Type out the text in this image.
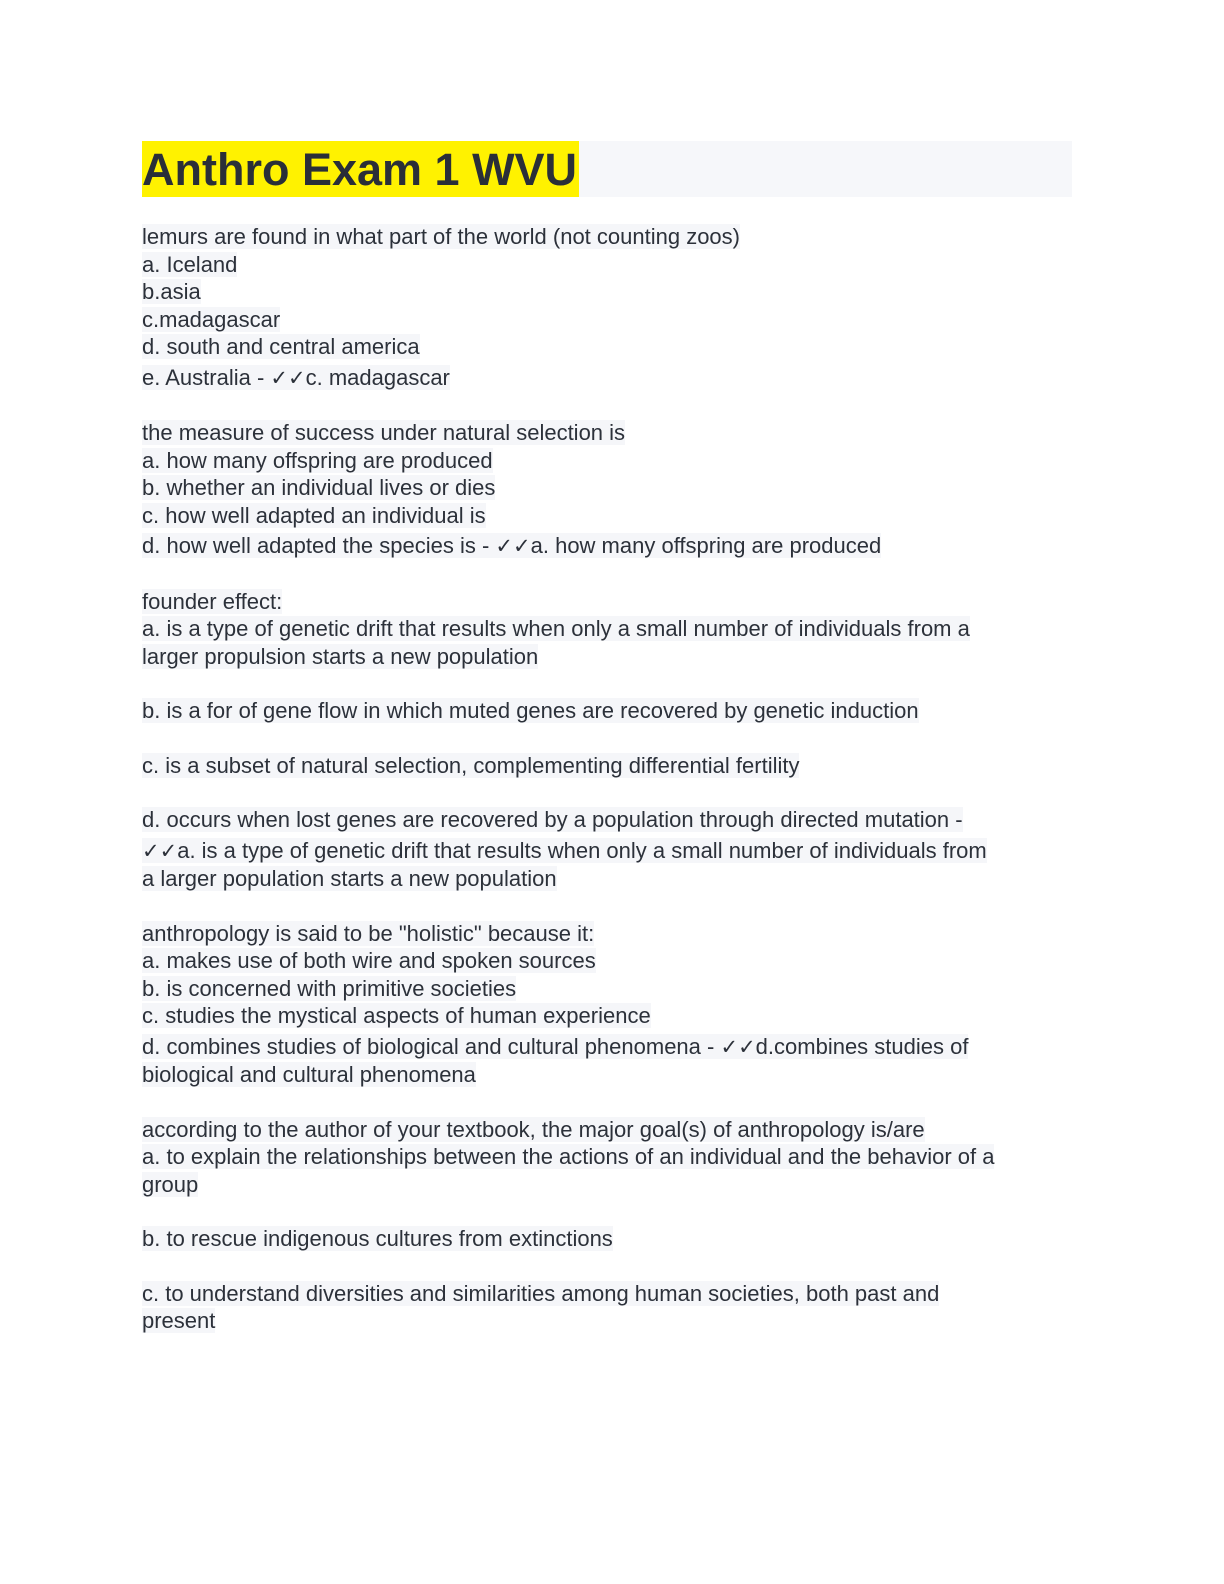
Anthro Exam 1 WVU
lemurs are found in what part of the world (not counting zoos)
a. Iceland
b.asia
c.madagascar
d. south and central america
e. Australia - ✓✓c. madagascar
the measure of success under natural selection is
a. how many offspring are produced
b. whether an individual lives or dies
c. how well adapted an individual is
d. how well adapted the species is - ✓✓a. how many offspring are produced
founder effect:
a. is a type of genetic drift that results when only a small number of individuals from a
larger propulsion starts a new population
b. is a for of gene flow in which muted genes are recovered by genetic induction
c. is a subset of natural selection, complementing differential fertility
d. occurs when lost genes are recovered by a population through directed mutation -
✓✓a. is a type of genetic drift that results when only a small number of individuals from
a larger population starts a new population
anthropology is said to be "holistic" because it:
a. makes use of both wire and spoken sources
b. is concerned with primitive societies
c. studies the mystical aspects of human experience
d. combines studies of biological and cultural phenomena - ✓✓d.combines studies of
biological and cultural phenomena
according to the author of your textbook, the major goal(s) of anthropology is/are
a. to explain the relationships between the actions of an individual and the behavior of a
group
b. to rescue indigenous cultures from extinctions
c. to understand diversities and similarities among human societies, both past and
present
